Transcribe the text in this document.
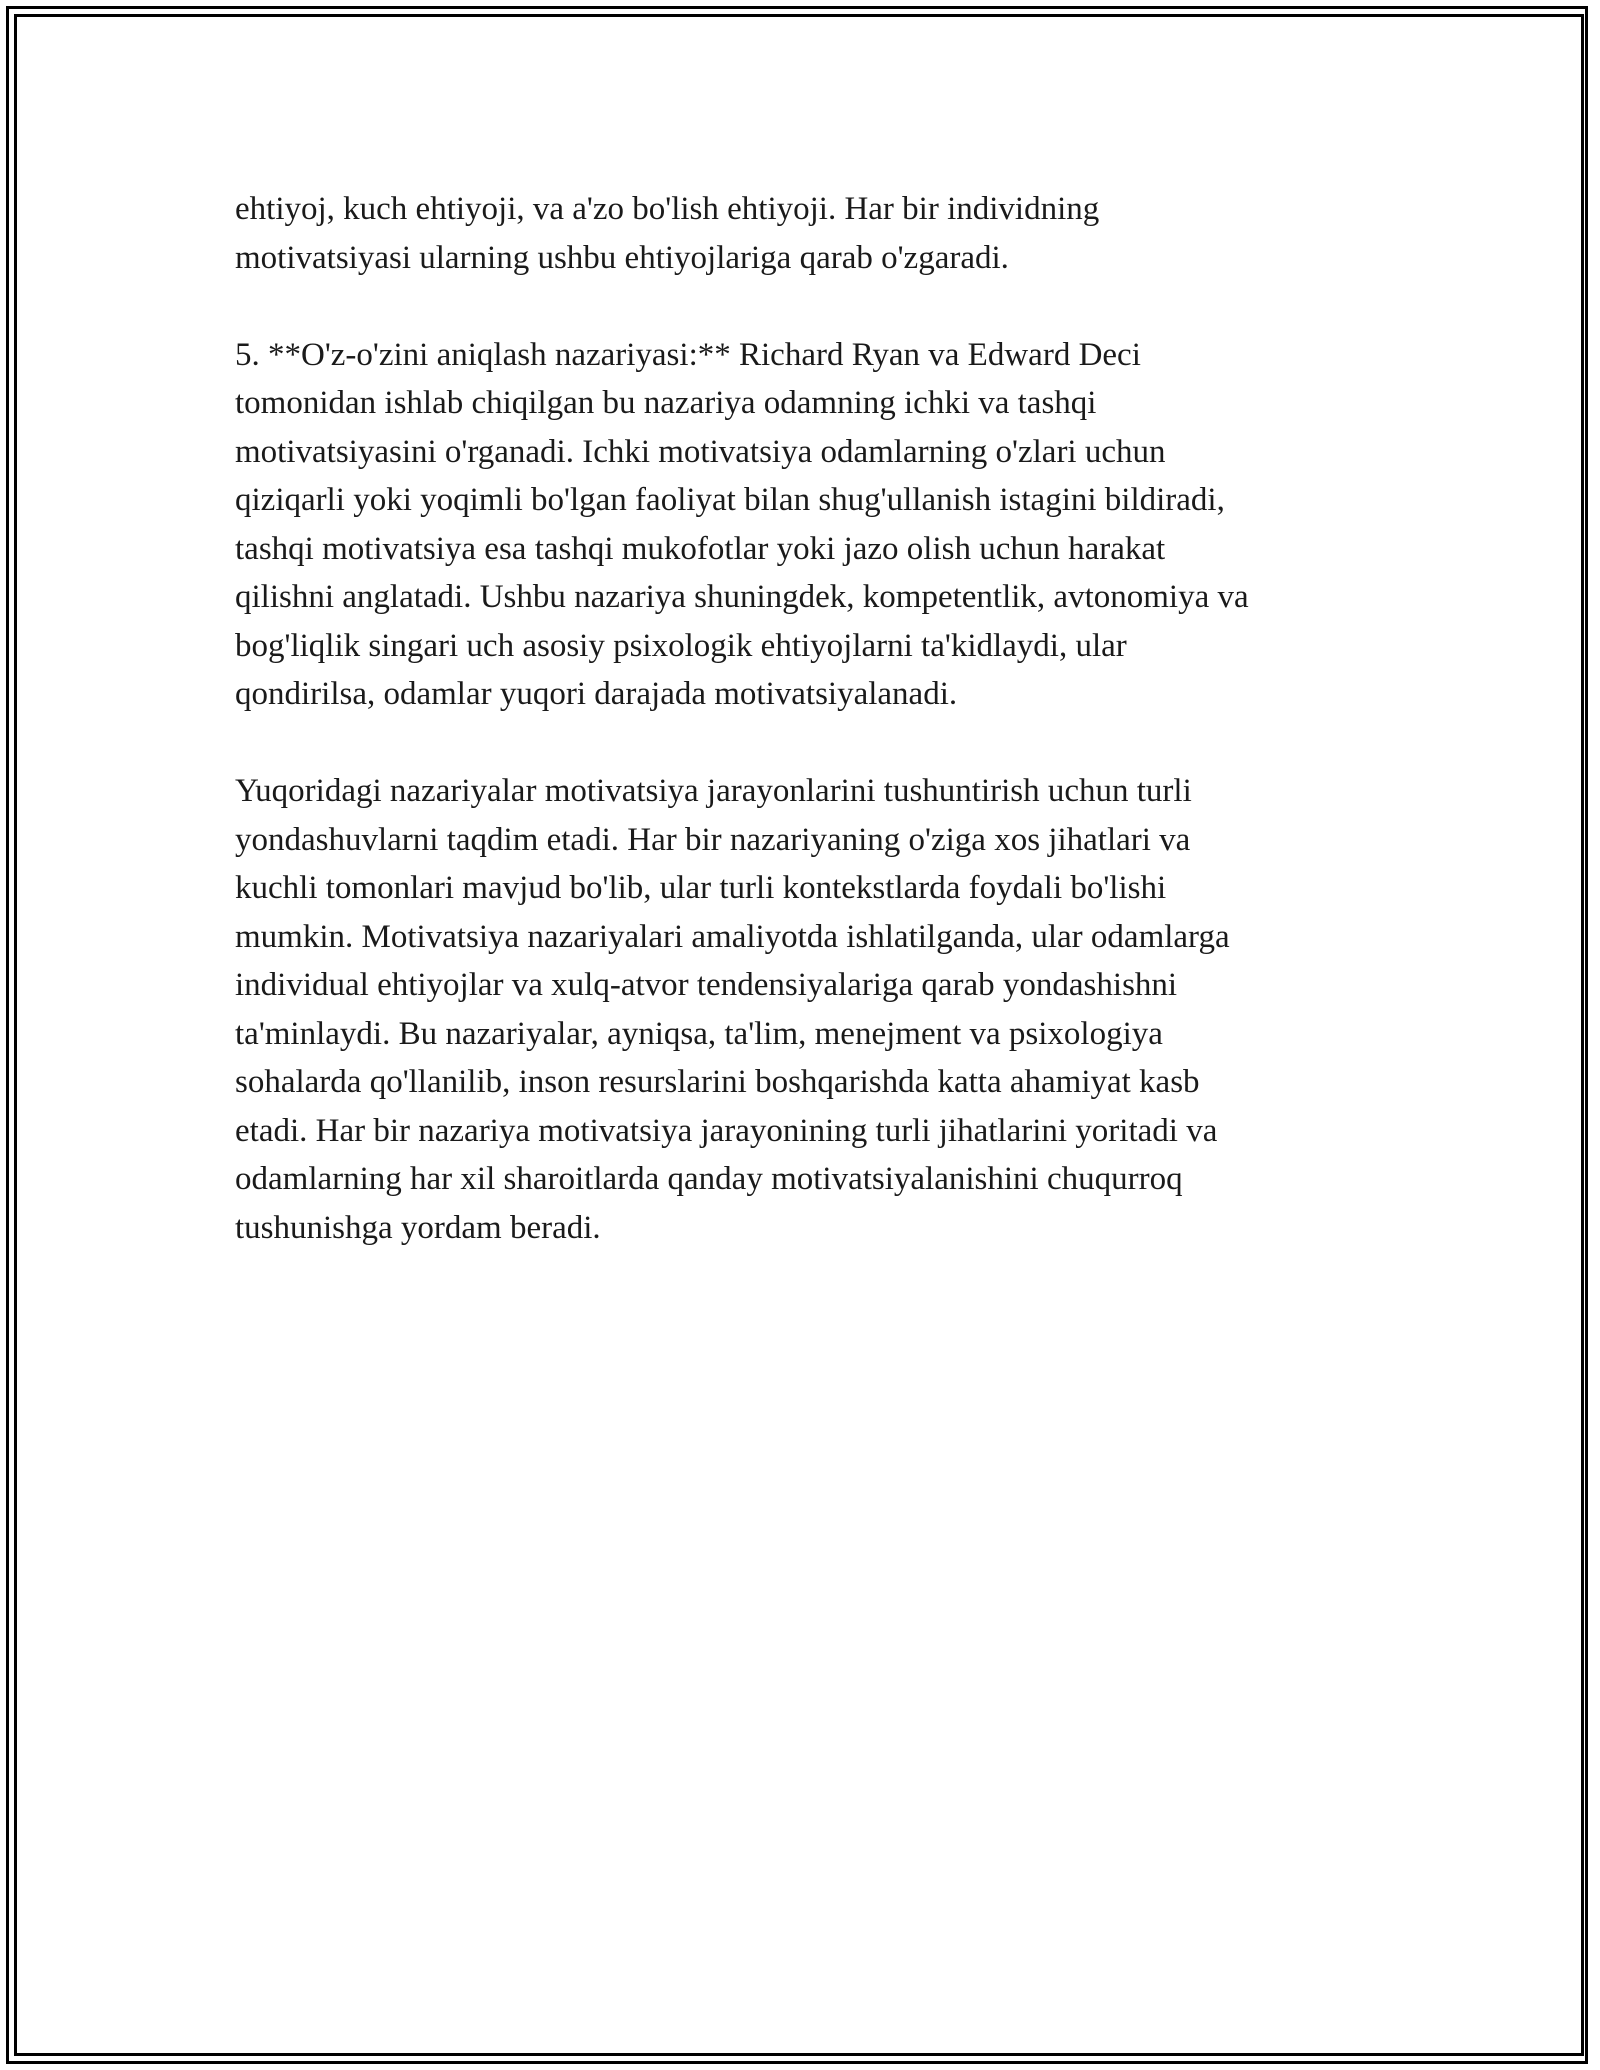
ehtiyoj, kuch ehtiyoji, va a'zo bo'lish ehtiyoji. Har bir individning
motivatsiyasi ularning ushbu ehtiyojlariga qarab o'zgaradi.

5. **O'z-o'zini aniqlash nazariyasi:** Richard Ryan va Edward Deci
tomonidan ishlab chiqilgan bu nazariya odamning ichki va tashqi
motivatsiyasini o'rganadi. Ichki motivatsiya odamlarning o'zlari uchun
qiziqarli yoki yoqimli bo'lgan faoliyat bilan shug'ullanish istagini bildiradi,
tashqi motivatsiya esa tashqi mukofotlar yoki jazo olish uchun harakat
qilishni anglatadi. Ushbu nazariya shuningdek, kompetentlik, avtonomiya va
bog'liqlik singari uch asosiy psixologik ehtiyojlarni ta'kidlaydi, ular
qondirilsa, odamlar yuqori darajada motivatsiyalanadi.

Yuqoridagi nazariyalar motivatsiya jarayonlarini tushuntirish uchun turli
yondashuvlarni taqdim etadi. Har bir nazariyaning o'ziga xos jihatlari va
kuchli tomonlari mavjud bo'lib, ular turli kontekstlarda foydali bo'lishi
mumkin. Motivatsiya nazariyalari amaliyotda ishlatilganda, ular odamlarga
individual ehtiyojlar va xulq-atvor tendensiyalariga qarab yondashishni
ta'minlaydi. Bu nazariyalar, ayniqsa, ta'lim, menejment va psixologiya
sohalarda qo'llanilib, inson resurslarini boshqarishda katta ahamiyat kasb
etadi. Har bir nazariya motivatsiya jarayonining turli jihatlarini yoritadi va
odamlarning har xil sharoitlarda qanday motivatsiyalanishini chuqurroq
tushunishga yordam beradi.
